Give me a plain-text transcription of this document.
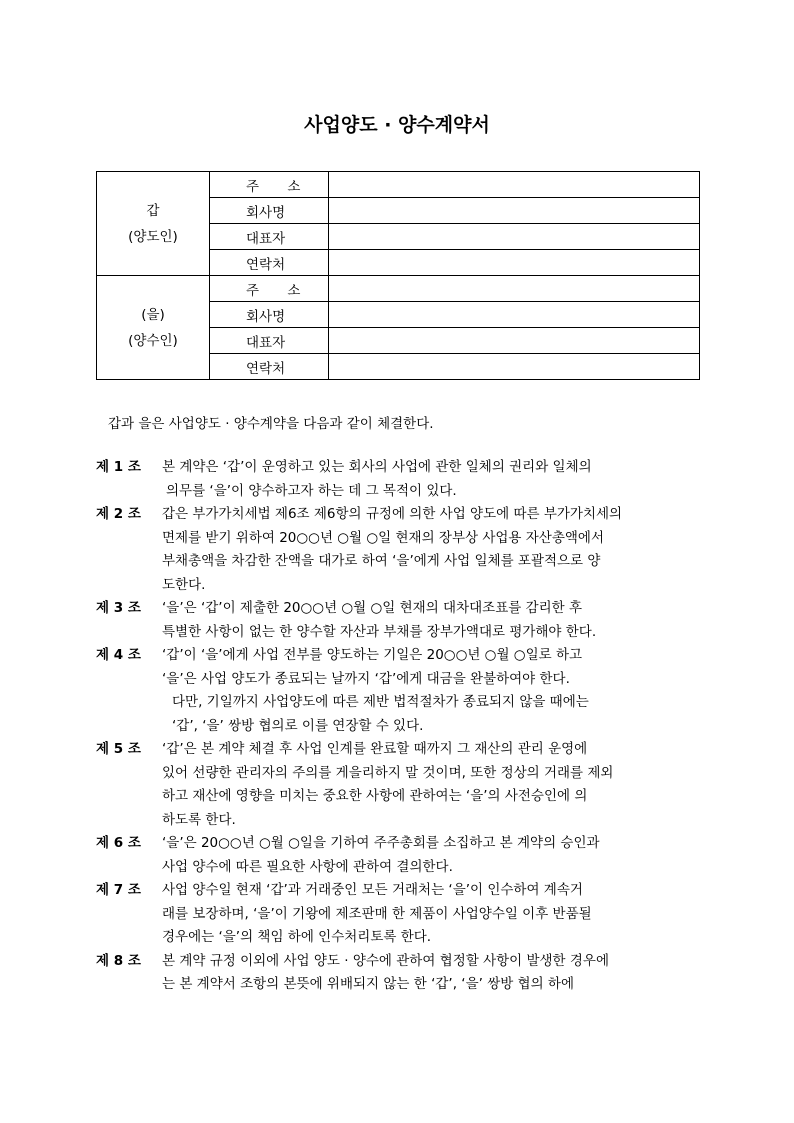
사업양도 · 양수계약서
갑
(양도인)	주 소	
	회사명	
	대표자	
	연락처	

(을)
(양수인)	주 소	
	회사명	
	대표자	
	연락처	
갑과 을은 사업양도 · 양수계약을 다음과 같이 체결한다.
제 1 조	본 계약은 ‘갑’이 운영하고 있는 회사의 사업에 관한 일체의 권리와 일체의
의무를 ‘을’이 양수하고자 하는 데 그 목적이 있다.
제 2 조	갑은 부가가치세법 제6조 제6항의 규정에 의한 사업 양도에 따른 부가가치세의
면제를 받기 위하여 20○○년 ○월 ○일 현재의 장부상 사업용 자산총액에서
부채총액을 차감한 잔액을 대가로 하여 ‘을’에게 사업 일체를 포괄적으로 양
도한다.
제 3 조	‘을’은 ‘갑’이 제출한 20○○년 ○월 ○일 현재의 대차대조표를 감리한 후
특별한 사항이 없는 한 양수할 자산과 부채를 장부가액대로 평가해야 한다.
제 4 조	‘갑’이 ‘을’에게 사업 전부를 양도하는 기일은 20○○년 ○월 ○일로 하고
‘을’은 사업 양도가 종료되는 날까지 ‘갑’에게 대금을 완불하여야 한다.
다만, 기일까지 사업양도에 따른 제반 법적절차가 종료되지 않을 때에는
‘갑’, ‘을’ 쌍방 협의로 이를 연장할 수 있다.
제 5 조	‘갑’은 본 계약 체결 후 사업 인계를 완료할 때까지 그 재산의 관리 운영에
있어 선량한 관리자의 주의를 게을리하지 말 것이며, 또한 정상의 거래를 제외
하고 재산에 영향을 미치는 중요한 사항에 관하여는 ‘을’의 사전승인에 의
하도록 한다.
제 6 조	‘을’은 20○○년 ○월 ○일을 기하여 주주총회를 소집하고 본 계약의 승인과
사업 양수에 따른 필요한 사항에 관하여 결의한다.
제 7 조	사업 양수일 현재 ‘갑’과 거래중인 모든 거래처는 ‘을’이 인수하여 계속거
래를 보장하며, ‘을’이 기왕에 제조판매 한 제품이 사업양수일 이후 반품될
경우에는 ‘을’의 책임 하에 인수처리토록 한다.
제 8 조	본 계약 규정 이외에 사업 양도 · 양수에 관하여 협정할 사항이 발생한 경우에
는 본 계약서 조항의 본뜻에 위배되지 않는 한 ‘갑’, ‘을’ 쌍방 협의 하에
